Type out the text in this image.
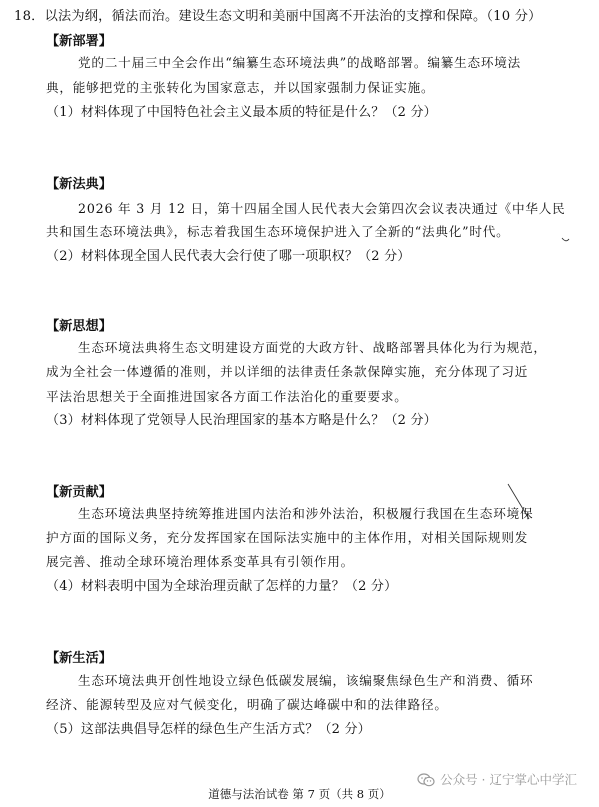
18．以法为纲，循法而治。建设生态文明和美丽中国离不开法治的支撑和保障。（10 分）
【新部署】
党的二十届三中全会作出“编纂生态环境法典”的战略部署。编纂生态环境法
典，能够把党的主张转化为国家意志，并以国家强制力保证实施。
（1）材料体现了中国特色社会主义最本质的特征是什么？（2 分）
【新法典】
2026 年 3 月 12 日，第十四届全国人民代表大会第四次会议表决通过《中华人民
共和国生态环境法典》，标志着我国生态环境保护进入了全新的“法典化”时代。
（2）材料体现全国人民代表大会行使了哪一项职权？（2 分）
【新思想】
生态环境法典将生态文明建设方面党的大政方针、战略部署具体化为行为规范，
成为全社会一体遵循的准则，并以详细的法律责任条款保障实施，充分体现了习近
平法治思想关于全面推进国家各方面工作法治化的重要要求。
（3）材料体现了党领导人民治理国家的基本方略是什么？（2 分）
【新贡献】
生态环境法典坚持统筹推进国内法治和涉外法治，积极履行我国在生态环境保
护方面的国际义务，充分发挥国家在国际法实施中的主体作用，对相关国际规则发
展完善、推动全球环境治理体系变革具有引领作用。
（4）材料表明中国为全球治理贡献了怎样的力量？（2 分）
【新生活】
生态环境法典开创性地设立绿色低碳发展编，该编聚焦绿色生产和消费、循环
经济、能源转型及应对气候变化，明确了碳达峰碳中和的法律路径。
（5）这部法典倡导怎样的绿色生产生活方式？（2 分）
公众号 · 辽宁掌心中学汇
道德与法治试卷 第 7 页（共 8 页）
